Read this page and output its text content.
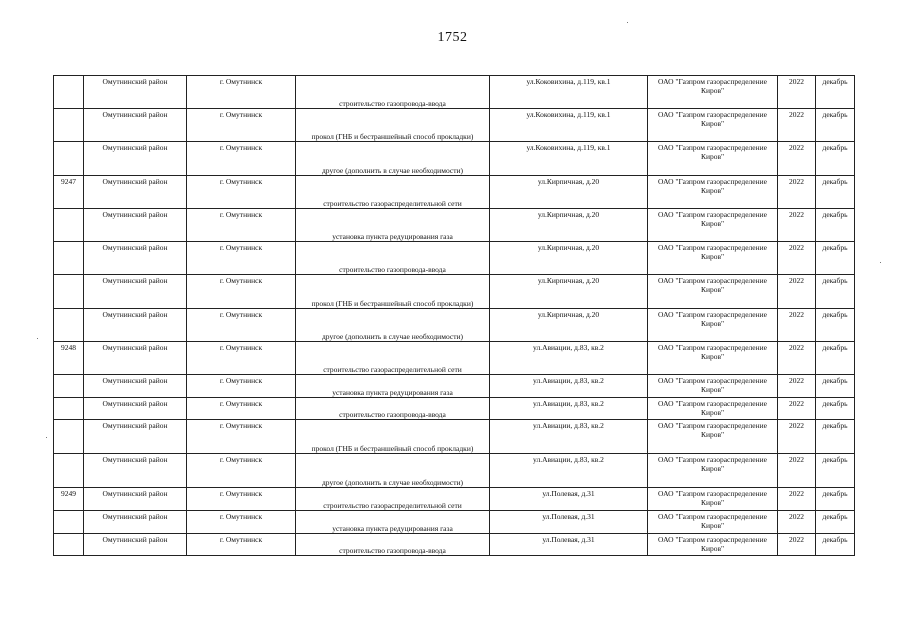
1752
	Омутнинский район	г. Омутнинск	строительство газопровода-ввода	ул.Коковихина, д.119, кв.1	ОАО "Газпром газораспределение Киров"	2022	декабрь
	Омутнинский район	г. Омутнинск	прокол (ГНБ и бестраншейный способ прокладки)	ул.Коковихина, д.119, кв.1	ОАО "Газпром газораспределение Киров"	2022	декабрь
	Омутнинский район	г. Омутнинск	другое (дополнить в случае необходимости)	ул.Коковихина, д.119, кв.1	ОАО "Газпром газораспределение Киров"	2022	декабрь
9247	Омутнинский район	г. Омутнинск	строительство газораспределительной сети	ул.Кирпичная, д.20	ОАО "Газпром газораспределение Киров"	2022	декабрь
	Омутнинский район	г. Омутнинск	установка пункта редуцирования газа	ул.Кирпичная, д.20	ОАО "Газпром газораспределение Киров"	2022	декабрь
	Омутнинский район	г. Омутнинск	строительство газопровода-ввода	ул.Кирпичная, д.20	ОАО "Газпром газораспределение Киров"	2022	декабрь
	Омутнинский район	г. Омутнинск	прокол (ГНБ и бестраншейный способ прокладки)	ул.Кирпичная, д.20	ОАО "Газпром газораспределение Киров"	2022	декабрь
	Омутнинский район	г. Омутнинск	другое (дополнить в случае необходимости)	ул.Кирпичная, д.20	ОАО "Газпром газораспределение Киров"	2022	декабрь
9248	Омутнинский район	г. Омутнинск	строительство газораспределительной сети	ул.Авиации, д.83, кв.2	ОАО "Газпром газораспределение Киров"	2022	декабрь
	Омутнинский район	г. Омутнинск	установка пункта редуцирования газа	ул.Авиации, д.83, кв.2	ОАО "Газпром газораспределение Киров"	2022	декабрь
	Омутнинский район	г. Омутнинск	строительство газопровода-ввода	ул.Авиации, д.83, кв.2	ОАО "Газпром газораспределение Киров"	2022	декабрь
	Омутнинский район	г. Омутнинск	прокол (ГНБ и бестраншейный способ прокладки)	ул.Авиации, д.83, кв.2	ОАО "Газпром газораспределение Киров"	2022	декабрь
	Омутнинский район	г. Омутнинск	другое (дополнить в случае необходимости)	ул.Авиации, д.83, кв.2	ОАО "Газпром газораспределение Киров"	2022	декабрь
9249	Омутнинский район	г. Омутнинск	строительство газораспределительной сети	ул.Полевая, д.31	ОАО "Газпром газораспределение Киров"	2022	декабрь
	Омутнинский район	г. Омутнинск	установка пункта редуцирования газа	ул.Полевая, д.31	ОАО "Газпром газораспределение Киров"	2022	декабрь
	Омутнинский район	г. Омутнинск	строительство газопровода-ввода	ул.Полевая, д.31	ОАО "Газпром газораспределение Киров"	2022	декабрь
